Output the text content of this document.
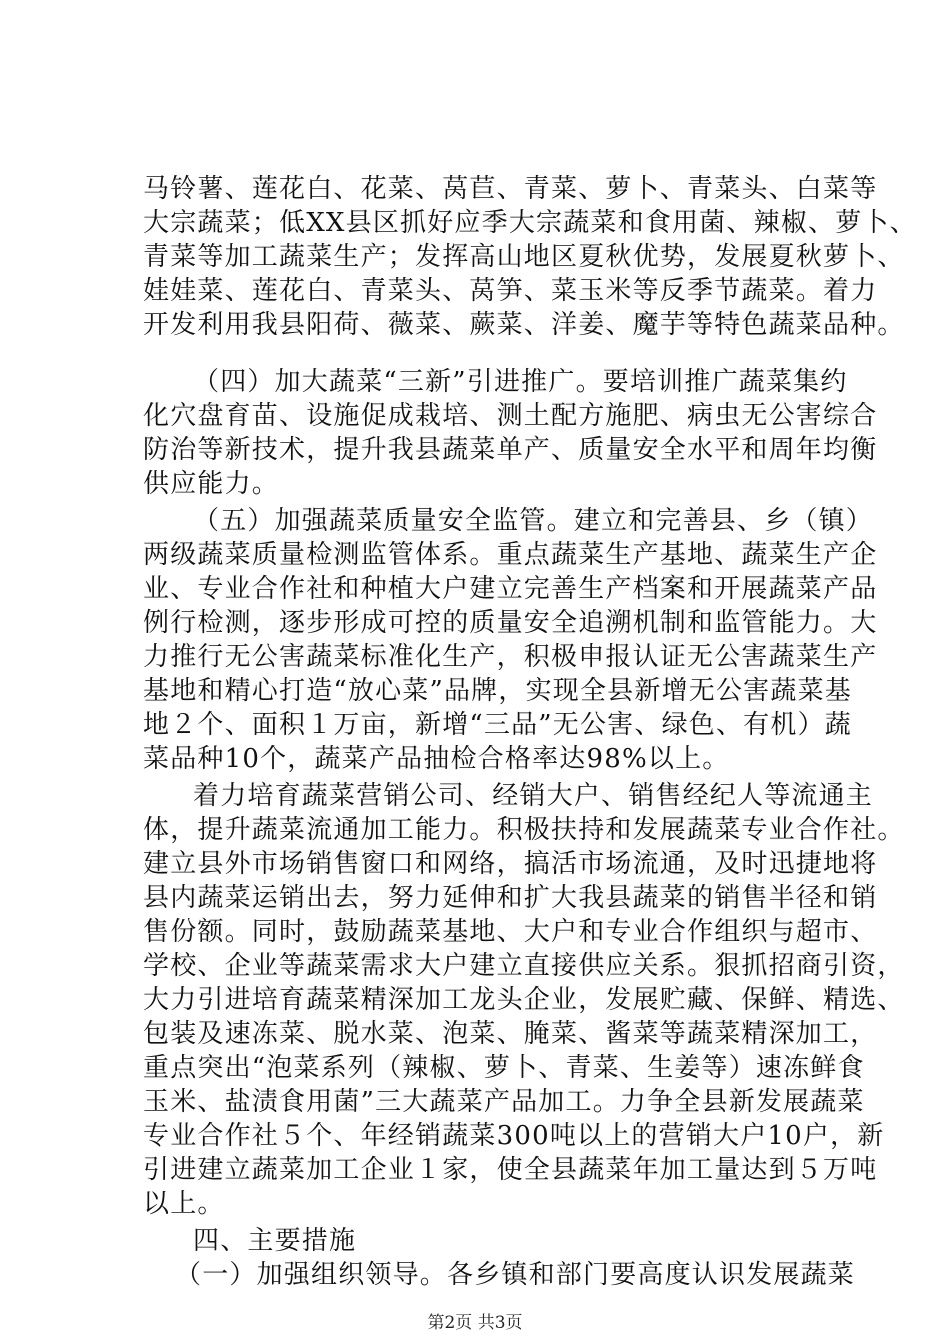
马铃薯、莲花白、花菜、莴苣、青菜、萝卜、青菜头、白菜等
大宗蔬菜；低XX县区抓好应季大宗蔬菜和食用菌、辣椒、萝卜、
青菜等加工蔬菜生产；发挥高山地区夏秋优势，发展夏秋萝卜、
娃娃菜、莲花白、青菜头、莴笋、菜玉米等反季节蔬菜。着力
开发利用我县阳荷、薇菜、蕨菜、洋姜、魔芋等特色蔬菜品种。
（四）加大蔬菜“三新”引进推广。要培训推广蔬菜集约
化穴盘育苗、设施促成栽培、测土配方施肥、病虫无公害综合
防治等新技术，提升我县蔬菜单产、质量安全水平和周年均衡
供应能力。
（五）加强蔬菜质量安全监管。建立和完善县、乡（镇）
两级蔬菜质量检测监管体系。重点蔬菜生产基地、蔬菜生产企
业、专业合作社和种植大户建立完善生产档案和开展蔬菜产品
例行检测，逐步形成可控的质量安全追溯机制和监管能力。大
力推行无公害蔬菜标准化生产，积极申报认证无公害蔬菜生产
基地和精心打造“放心菜”品牌，实现全县新增无公害蔬菜基
地２个、面积１万亩，新增“三品”无公害、绿色、有机）蔬
菜品种10个，蔬菜产品抽检合格率达98%以上。
着力培育蔬菜营销公司、经销大户、销售经纪人等流通主
体，提升蔬菜流通加工能力。积极扶持和发展蔬菜专业合作社。
建立县外市场销售窗口和网络，搞活市场流通，及时迅捷地将
县内蔬菜运销出去，努力延伸和扩大我县蔬菜的销售半径和销
售份额。同时，鼓励蔬菜基地、大户和专业合作组织与超市、
学校、企业等蔬菜需求大户建立直接供应关系。狠抓招商引资，
大力引进培育蔬菜精深加工龙头企业，发展贮藏、保鲜、精选、
包装及速冻菜、脱水菜、泡菜、腌菜、酱菜等蔬菜精深加工，
重点突出“泡菜系列（辣椒、萝卜、青菜、生姜等）速冻鲜食
玉米、盐渍食用菌”三大蔬菜产品加工。力争全县新发展蔬菜
专业合作社５个、年经销蔬菜300吨以上的营销大户10户，新
引进建立蔬菜加工企业１家，使全县蔬菜年加工量达到５万吨
以上。
四、主要措施
（一）加强组织领导。各乡镇和部门要高度认识发展蔬菜
第2页 共3页
